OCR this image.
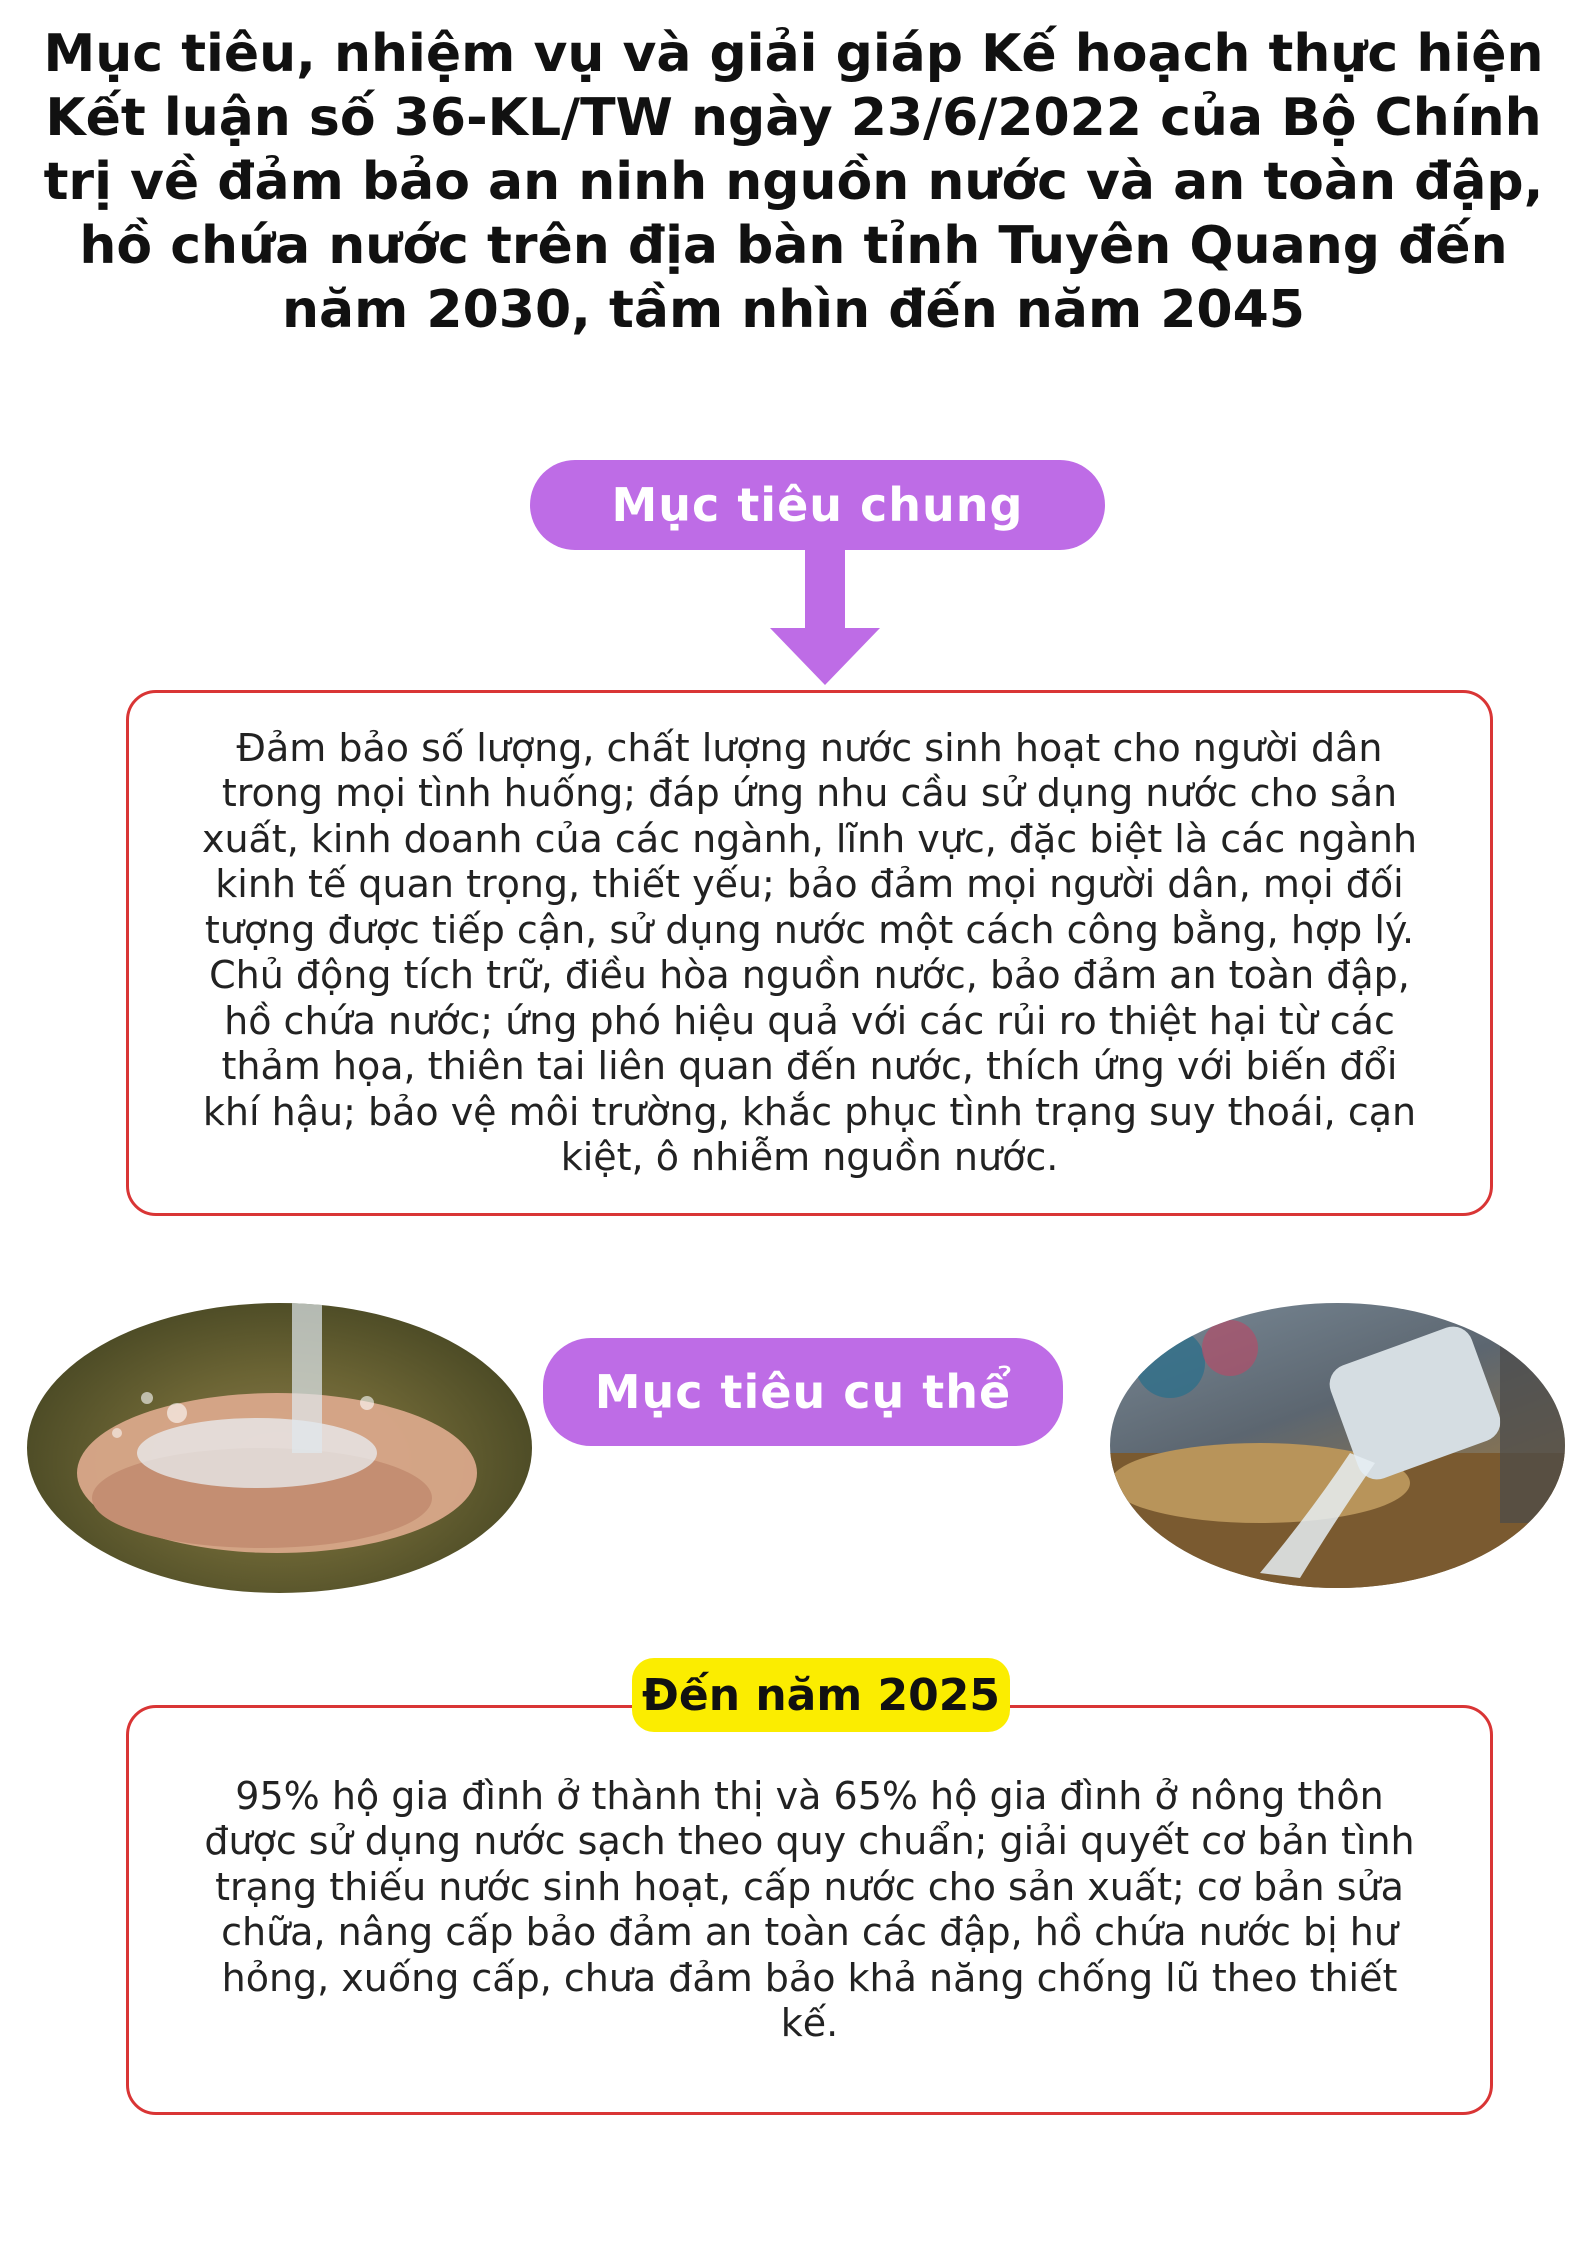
Mục tiêu, nhiệm vụ và giải giáp Kế hoạch thực hiện Kết luận số 36-KL/TW ngày 23/6/2022 của Bộ Chính trị về đảm bảo an ninh nguồn nước và an toàn đập, hồ chứa nước trên địa bàn tỉnh Tuyên Quang đến năm 2030, tầm nhìn đến năm 2045
Mục tiêu chung

Đảm bảo số lượng, chất lượng nước sinh hoạt cho người dân trong mọi tình huống; đáp ứng nhu cầu sử dụng nước cho sản xuất, kinh doanh của các ngành, lĩnh vực, đặc biệt là các ngành kinh tế quan trọng, thiết yếu; bảo đảm mọi người dân, mọi đối tượng được tiếp cận, sử dụng nước một cách công bằng, hợp lý. Chủ động tích trữ, điều hòa nguồn nước, bảo đảm an toàn đập, hồ chứa nước; ứng phó hiệu quả với các rủi ro thiệt hại từ các thảm họa, thiên tai liên quan đến nước, thích ứng với biến đổi khí hậu; bảo vệ môi trường, khắc phục tình trạng suy thoái, cạn kiệt, ô nhiễm nguồn nước.

Mục tiêu cụ thể

95% hộ gia đình ở thành thị và 65% hộ gia đình ở nông thôn được sử dụng nước sạch theo quy chuẩn; giải quyết cơ bản tình trạng thiếu nước sinh hoạt, cấp nước cho sản xuất; cơ bản sửa chữa, nâng cấp bảo đảm an toàn các đập, hồ chứa nước bị hư hỏng, xuống cấp, chưa đảm bảo khả năng chống lũ theo thiết kế.

Đến năm 2025
